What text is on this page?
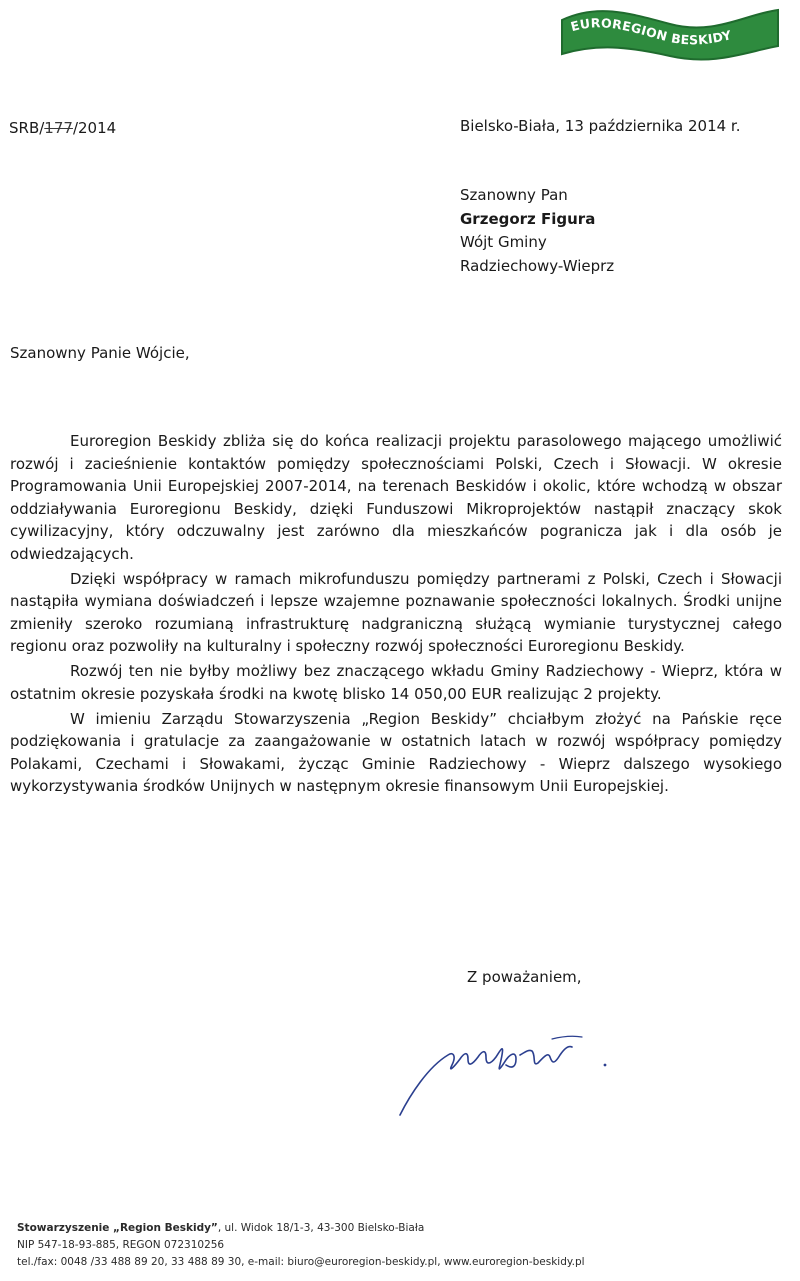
EUROREGION BESKIDY
SRB/177/2014	Bielsko-Biała, 13 października 2014 r.
Szanowny Pan
Grzegorz Figura
Wójt Gminy
Radziechowy-Wieprz
Szanowny Panie Wójcie,

Euroregion Beskidy zbliża się do końca realizacji projektu parasolowego mającego umożliwić rozwój i zacieśnienie kontaktów pomiędzy społecznościami Polski, Czech i Słowacji. W okresie Programowania Unii Europejskiej 2007-2014, na terenach Beskidów i okolic, które wchodzą w obszar oddziaływania Euroregionu Beskidy, dzięki Funduszowi Mikroprojektów nastąpił znaczący skok cywilizacyjny, który odczuwalny jest zarówno dla mieszkańców pogranicza jak i dla osób je odwiedzających.

Dzięki współpracy w ramach mikrofunduszu pomiędzy partnerami z Polski, Czech i Słowacji nastąpiła wymiana doświadczeń i lepsze wzajemne poznawanie społeczności lokalnych. Środki unijne zmieniły szeroko rozumianą infrastrukturę nadgraniczną służącą wymianie turystycznej całego regionu oraz pozwoliły na kulturalny i społeczny rozwój społeczności Euroregionu Beskidy.

Rozwój ten nie byłby możliwy bez znaczącego wkładu Gminy Radziechowy - Wieprz, która w ostatnim okresie pozyskała środki na kwotę blisko 14 050,00 EUR realizując 2 projekty.

W imieniu Zarządu Stowarzyszenia „Region Beskidy” chciałbym złożyć na Pańskie ręce podziękowania i gratulacje za zaangażowanie w ostatnich latach w rozwój współpracy pomiędzy Polakami, Czechami i Słowakami, życząc Gminie Radziechowy - Wieprz dalszego wysokiego wykorzystywania środków Unijnych w następnym okresie finansowym Unii Europejskiej.

Z poważaniem,
Stowarzyszenie „Region Beskidy”, ul. Widok 18/1-3, 43-300 Bielsko-Biała
NIP 547-18-93-885, REGON 072310256
tel./fax: 0048 /33 488 89 20, 33 488 89 30, e-mail: biuro@euroregion-beskidy.pl, www.euroregion-beskidy.pl
